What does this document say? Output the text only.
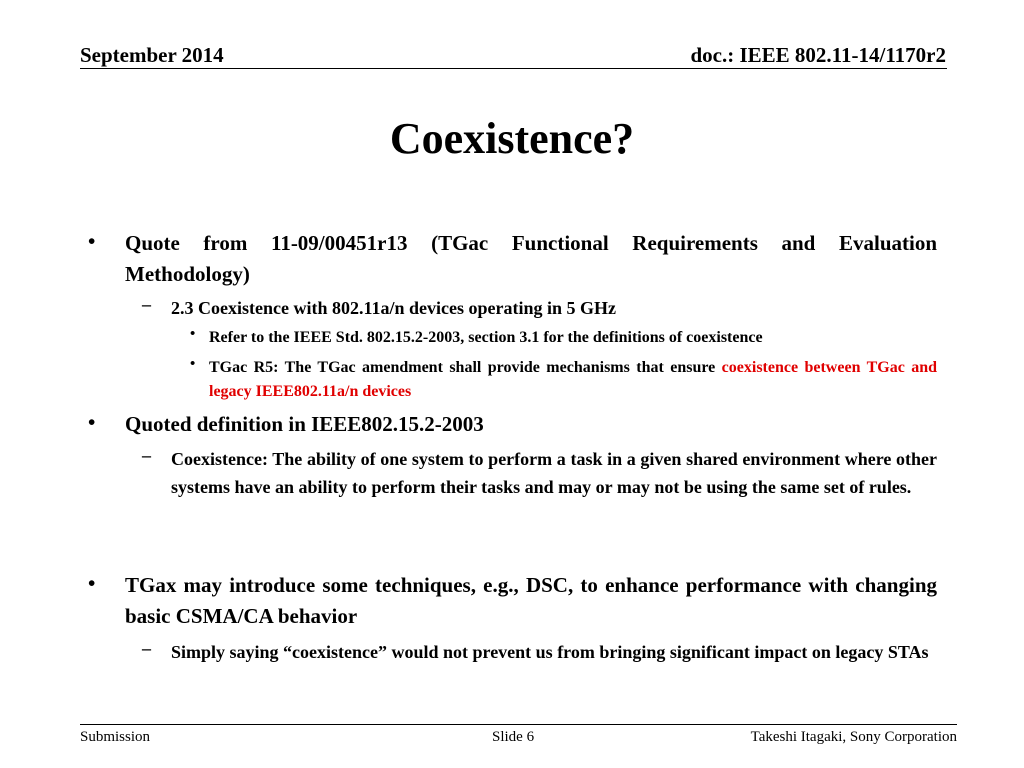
September 2014	doc.: IEEE 802.11-14/1170r2
Coexistence?
• Quote from 11-09/00451r13 (TGac Functional Requirements and Evaluation Methodology)
– 2.3 Coexistence with 802.11a/n devices operating in 5 GHz
• Refer to the IEEE Std. 802.15.2-2003, section 3.1 for the definitions of coexistence
• TGac R5: The TGac amendment shall provide mechanisms that ensure coexistence between TGac and legacy IEEE802.11a/n devices
• Quoted definition in IEEE802.15.2-2003
– Coexistence: The ability of one system to perform a task in a given shared environment where other systems have an ability to perform their tasks and may or may not be using the same set of rules.
• TGax may introduce some techniques, e.g., DSC, to enhance performance with changing basic CSMA/CA behavior
– Simply saying “coexistence” would not prevent us from bringing significant impact on legacy STAs
Submission	Slide 6	Takeshi Itagaki, Sony Corporation
